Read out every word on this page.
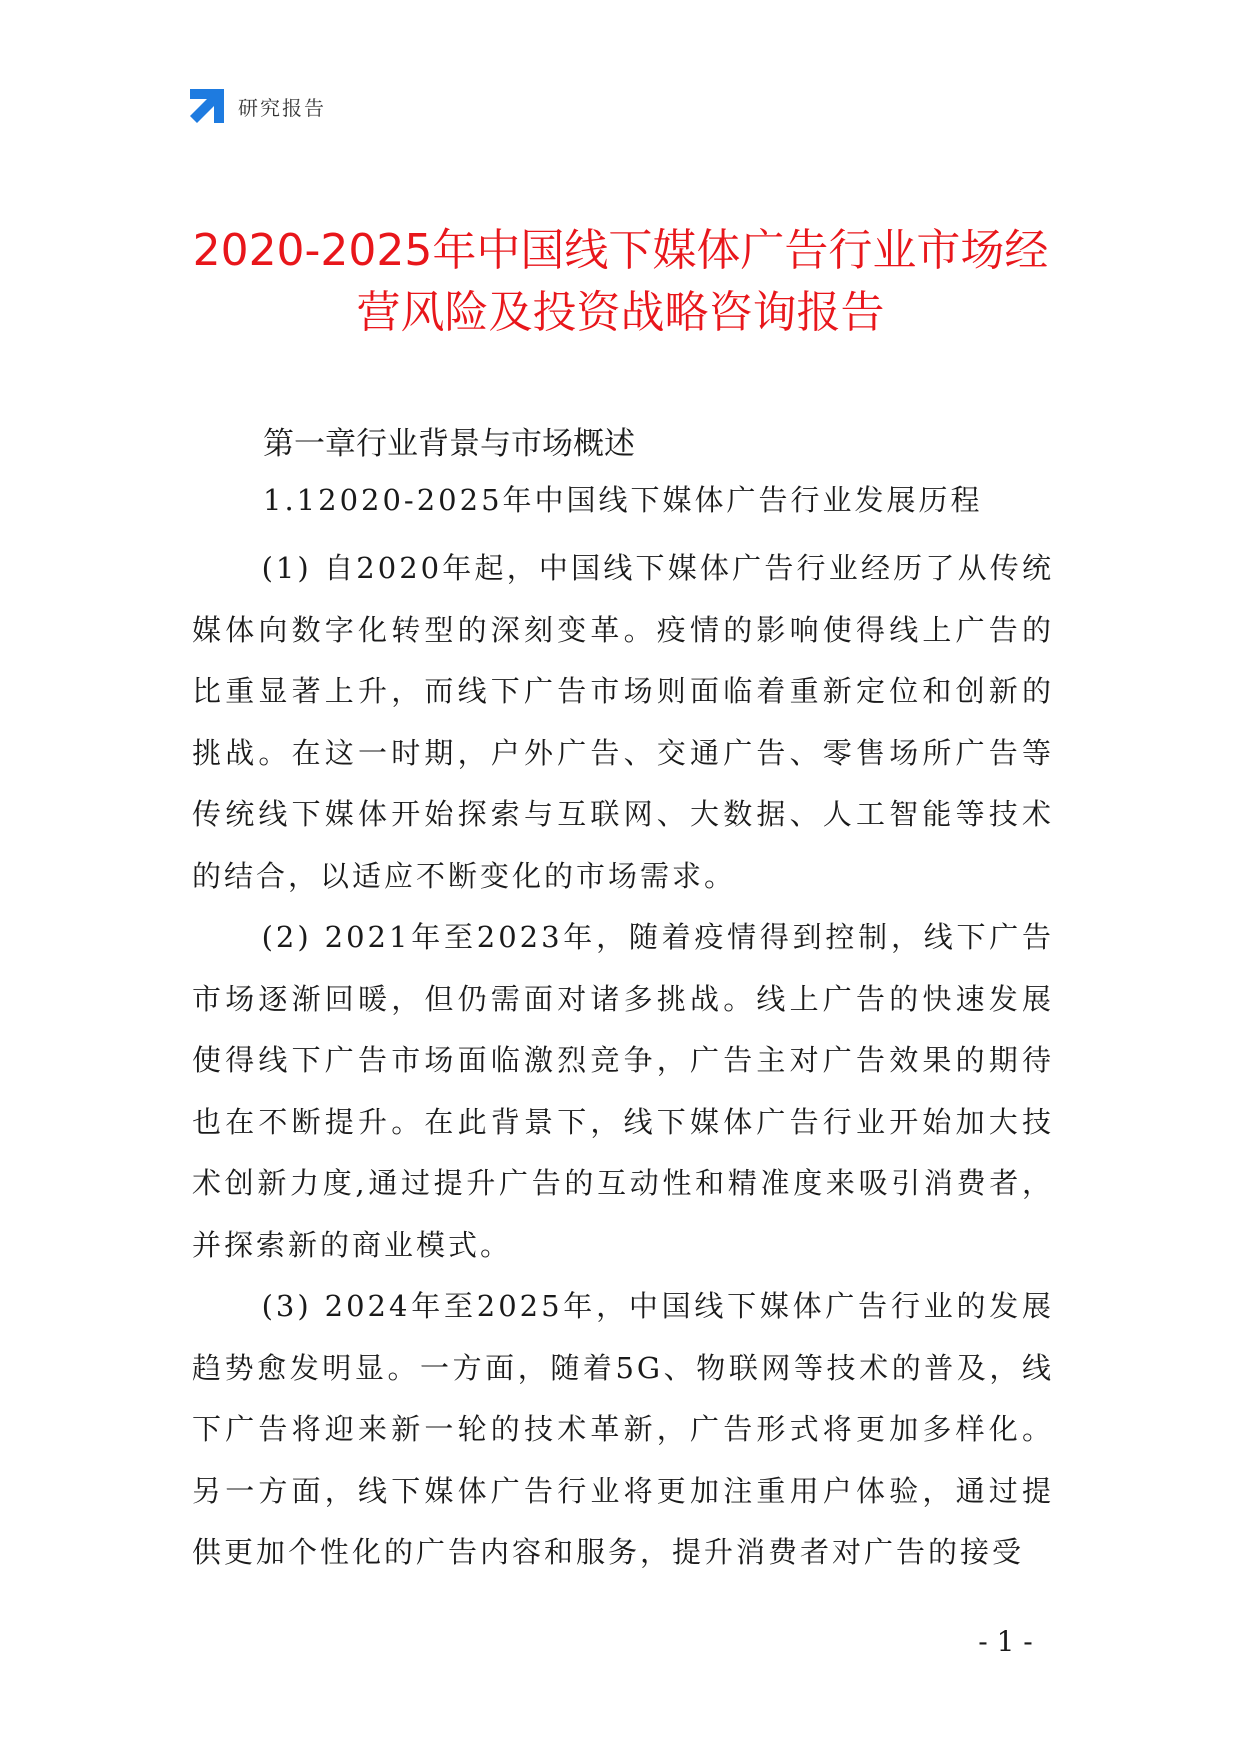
研究报告
2020-2025年中国线下媒体广告行业市场经
营风险及投资战略咨询报告
第一章行业背景与市场概述
1.12020-2025年中国线下媒体广告行业发展历程

(1) 自2020年起，中国线下媒体广告行业经历了从传统媒体向数字化转型的深刻变革。疫情的影响使得线上广告的比重显著上升，而线下广告市场则面临着重新定位和创新的挑战。在这一时期，户外广告、交通广告、零售场所广告等传统线下媒体开始探索与互联网、大数据、人工智能等技术的结合，以适应不断变化的市场需求。

(2) 2021年至2023年，随着疫情得到控制，线下广告市场逐渐回暖，但仍需面对诸多挑战。线上广告的快速发展使得线下广告市场面临激烈竞争，广告主对广告效果的期待也在不断提升。在此背景下，线下媒体广告行业开始加大技术创新力度,通过提升广告的互动性和精准度来吸引消费者，并探索新的商业模式。

(3) 2024年至2025年，中国线下媒体广告行业的发展趋势愈发明显。一方面，随着5G、物联网等技术的普及，线下广告将迎来新一轮的技术革新，广告形式将更加多样化。另一方面，线下媒体广告行业将更加注重用户体验，通过提供更加个性化的广告内容和服务，提升消费者对广告的接受

- 1 -
